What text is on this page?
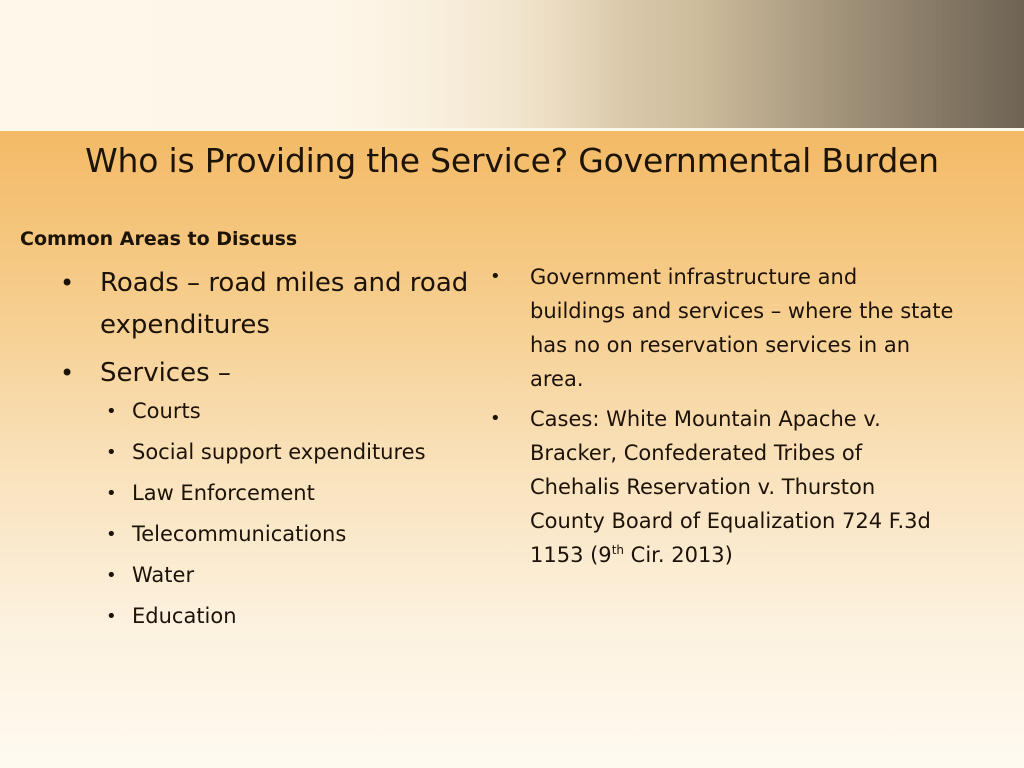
Who is Providing the Service? Governmental Burden
Common Areas to Discuss
• Roads – road miles and road expenditures
• Services –
• Courts
• Social support expenditures
• Law Enforcement
• Telecommunications
• Water
• Education
• Government infrastructure and buildings and services – where the state has no on reservation services in an area.
• Cases: White Mountain Apache v. Bracker, Confederated Tribes of Chehalis Reservation v. Thurston County Board of Equalization 724 F.3d 1153 (9th Cir. 2013)
